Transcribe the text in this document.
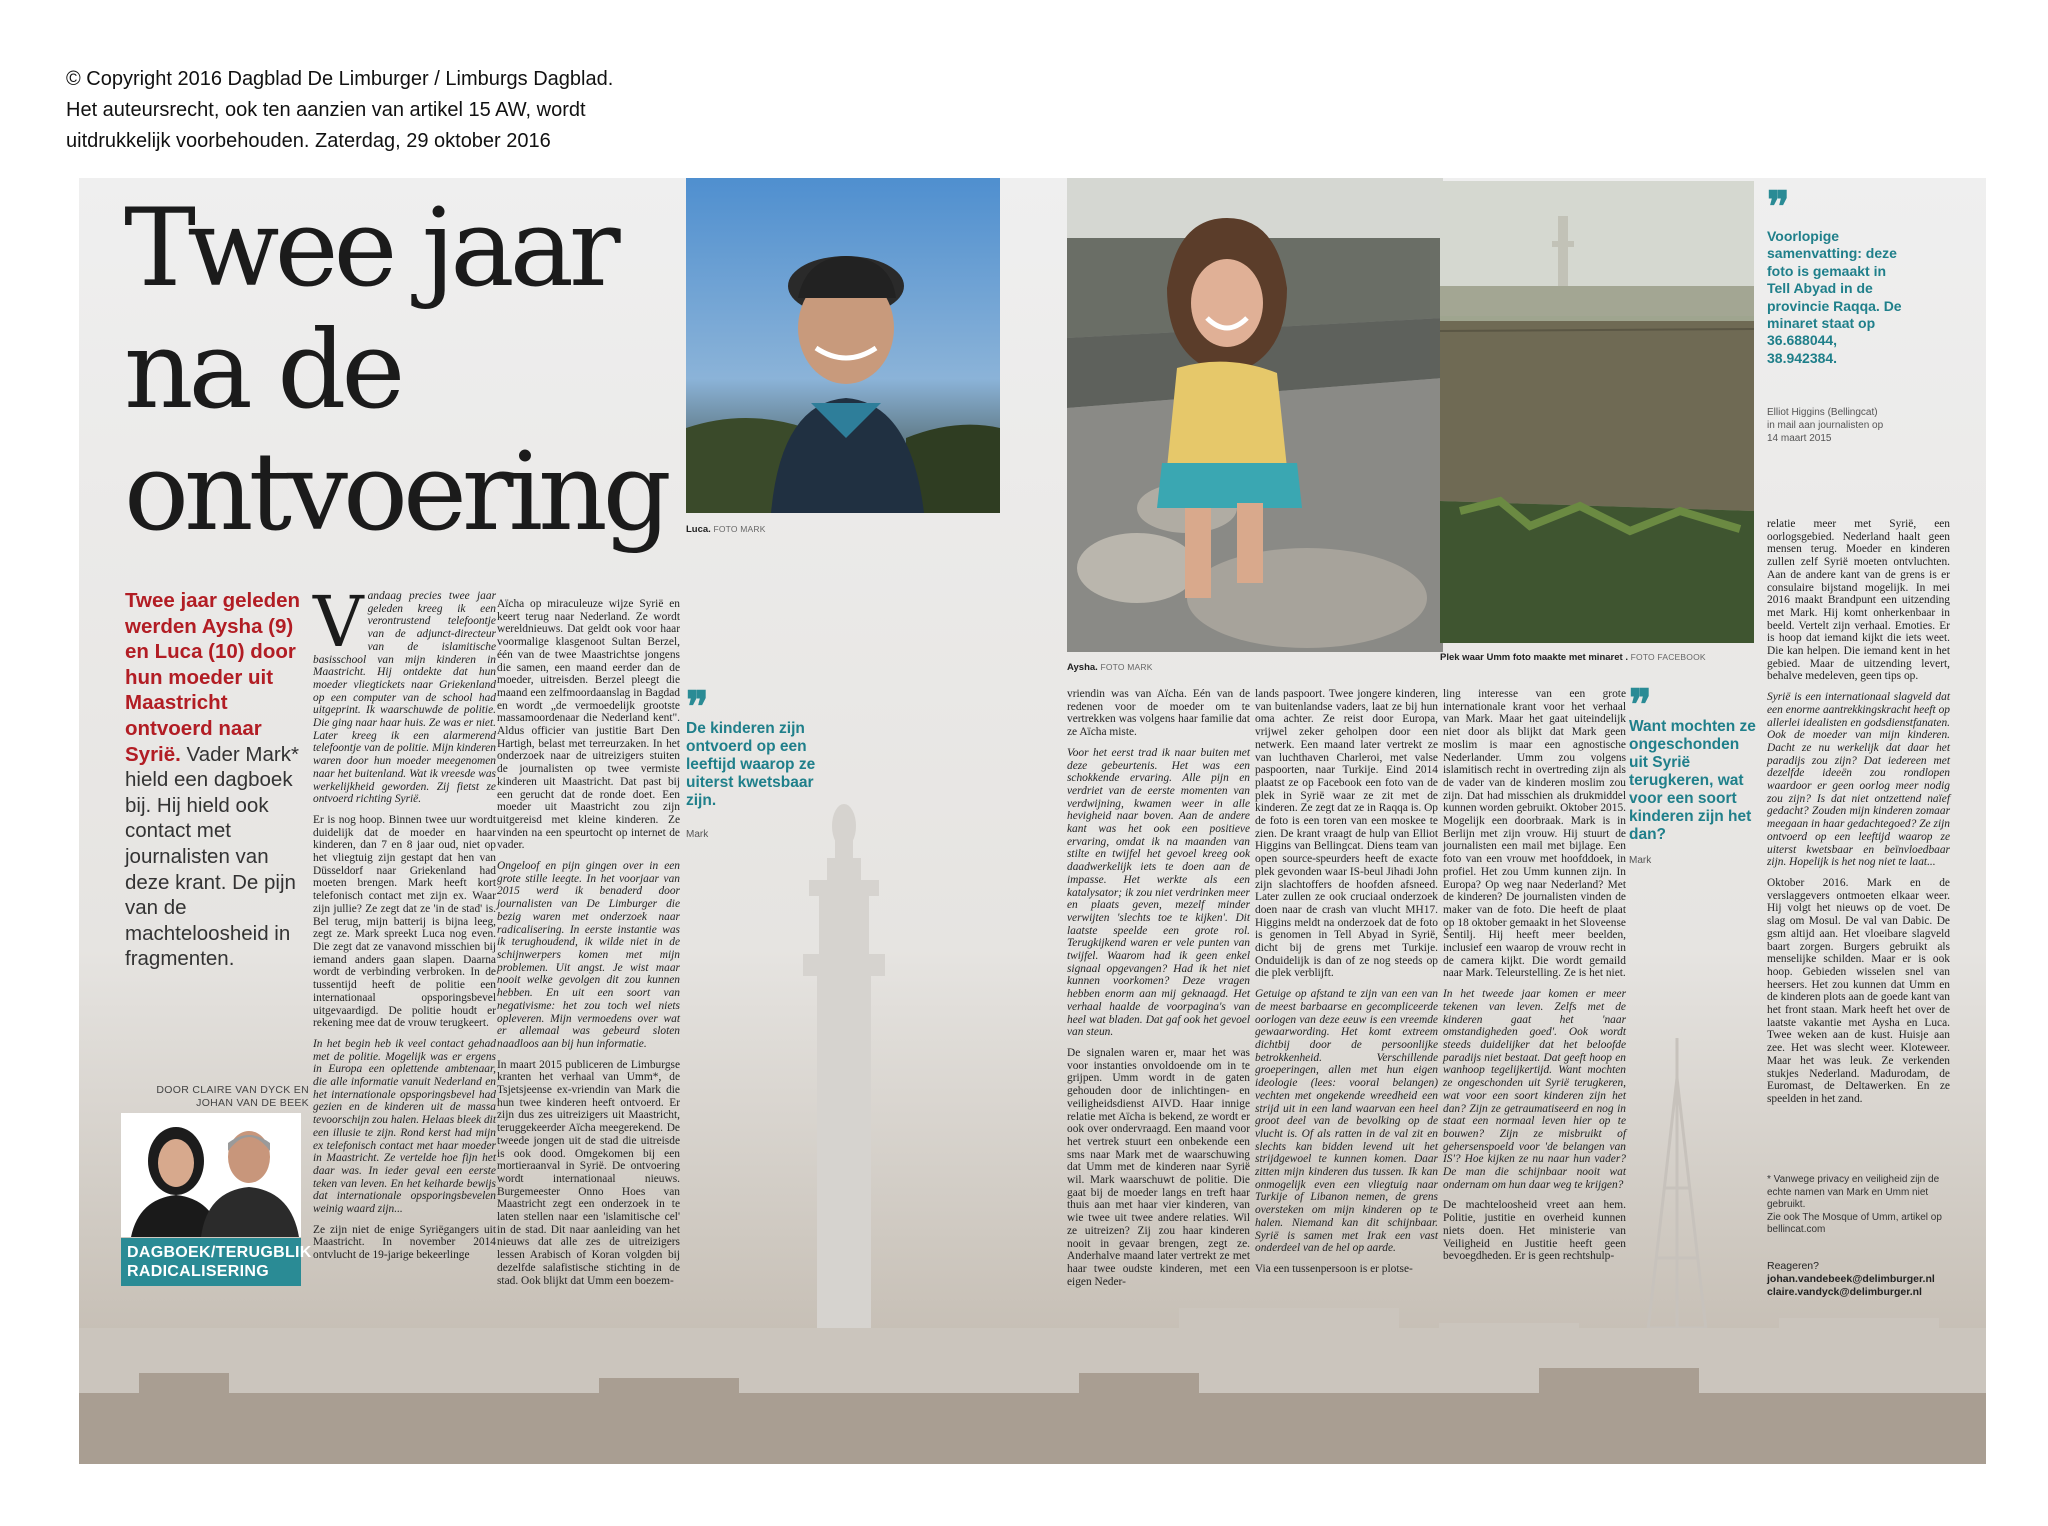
© Copyright 2016 Dagblad De Limburger / Limburgs Dagblad.
Het auteursrecht, ook ten aanzien van artikel 15 AW, wordt
uitdrukkelijk voorbehouden. Zaterdag, 29 oktober 2016
Twee jaar
na de
ontvoering
Twee jaar geleden werden Aysha (9) en Luca (10) door hun moeder uit Maastricht ontvoerd naar Syrië. Vader Mark* hield een dagboek bij. Hij hield ook contact met journalisten van deze krant. De pijn van de machteloosheid in fragmenten.
DOOR CLAIRE VAN DYCK EN
JOHAN VAN DE BEEK
DAGBOEK/TERUGBLIK
RADICALISERING

Vandaag precies twee jaar geleden kreeg ik een verontrustend telefoontje van de adjunct-directeur van de islamitische basisschool van mijn kinderen in Maastricht. Hij ontdekte dat hun moeder vliegtickets naar Griekenland op een computer van de school had uitgeprint. Ik waarschuwde de politie. Die ging naar haar huis. Ze was er niet. Later kreeg ik een alarmerend telefoontje van de politie. Mijn kinderen waren door hun moeder meegenomen naar het buitenland. Wat ik vreesde was werkelijkheid geworden. Zij fietst ze ontvoerd richting Syrië.

Er is nog hoop. Binnen twee uur wordt duidelijk dat de moeder en haar kinderen, dan 7 en 8 jaar oud, niet op het vliegtuig zijn gestapt dat hen van Düsseldorf naar Griekenland had moeten brengen. Mark heeft kort telefonisch contact met zijn ex. Waar zijn jullie? Ze zegt dat ze 'in de stad' is. Bel terug, mijn batterij is bijna leeg, zegt ze. Mark spreekt Luca nog even. Die zegt dat ze vanavond misschien bij iemand anders gaan slapen. Daarna wordt de verbinding verbroken. In de tussentijd heeft de politie een internationaal opsporingsbevel uitgevaardigd. De politie houdt er rekening mee dat de vrouw terugkeert.

In het begin heb ik veel contact gehad met de politie. Mogelijk was er ergens in Europa een oplettende ambtenaar, die alle informatie vanuit Nederland en het internationale opsporingsbevel had gezien en de kinderen uit de massa tevoorschijn zou halen. Helaas bleek dit een illusie te zijn. Rond kerst had mijn ex telefonisch contact met haar moeder in Maastricht. Ze vertelde hoe fijn het daar was. In ieder geval een eerste teken van leven. En het keiharde bewijs dat internationale opsporingsbevelen weinig waard zijn...

Ze zijn niet de enige Syriëgangers uit Maastricht. In november 2014 ontvlucht de 19-jarige bekeerlinge

Aïcha op miraculeuze wijze Syrië en keert terug naar Nederland. Ze wordt wereldnieuws. Dat geldt ook voor haar voormalige klasgenoot Sultan Berzel, één van de twee Maastrichtse jongens die samen, een maand eerder dan de moeder, uitreisden. Berzel pleegt die maand een zelfmoordaanslag in Bagdad en wordt „de vermoedelijk grootste massamoordenaar die Nederland kent". Aldus officier van justitie Bart Den Hartigh, belast met terreurzaken. In het onderzoek naar de uitreizigers stuiten de journalisten op twee vermiste kinderen uit Maastricht. Dat past bij een gerucht dat de ronde doet. Een moeder uit Maastricht zou zijn uitgereisd met kleine kinderen. Ze vinden na een speurtocht op internet de vader.

Ongeloof en pijn gingen over in een grote stille leegte. In het voorjaar van 2015 werd ik benaderd door journalisten van De Limburger die bezig waren met onderzoek naar radicalisering. In eerste instantie was ik terughoudend, ik wilde niet in de schijnwerpers komen met mijn problemen. Uit angst. Je wist maar nooit welke gevolgen dit zou kunnen hebben. En uit een soort van negativisme: het zou toch wel niets opleveren. Mijn vermoedens over wat er allemaal was gebeurd sloten naadloos aan bij hun informatie.

In maart 2015 publiceren de Limburgse kranten het verhaal van Umm*, de Tsjetsjeense ex-vriendin van Mark die hun twee kinderen heeft ontvoerd. Er zijn dus zes uitreizigers uit Maastricht, teruggekeerder Aïcha meegerekend. De tweede jongen uit de stad die uitreisde is ook dood. Omgekomen bij een mortieraanval in Syrië. De ontvoering wordt internationaal nieuws. Burgemeester Onno Hoes van Maastricht zegt een onderzoek in te laten stellen naar een 'islamitische cel' in de stad. Dit naar aanleiding van het nieuws dat alle zes de uitreizigers lessen Arabisch of Koran volgden bij dezelfde salafistische stichting in de stad. Ook blijkt dat Umm een boezem-

Luca. FOTO MARK
❞
De kinderen zijn ontvoerd op een leeftijd waarop ze uiterst kwetsbaar zijn.
Mark
Aysha. FOTO MARK
Plek waar Umm foto maakte met minaret . FOTO FACEBOOK

vriendin was van Aïcha. Eén van de redenen voor de moeder om te vertrekken was volgens haar familie dat ze Aïcha miste.

Voor het eerst trad ik naar buiten met deze gebeurtenis. Het was een schokkende ervaring. Alle pijn en verdriet van de eerste momenten van verdwijning, kwamen weer in alle hevigheid naar boven. Aan de andere kant was het ook een positieve ervaring, omdat ik na maanden van stilte en twijfel het gevoel kreeg ook daadwerkelijk iets te doen aan de impasse. Het werkte als een katalysator; ik zou niet verdrinken meer en plaats geven, mezelf minder verwijten 'slechts toe te kijken'. Dit laatste speelde een grote rol. Terugkijkend waren er vele punten van twijfel. Waarom had ik geen enkel signaal opgevangen? Had ik het niet kunnen voorkomen? Deze vragen hebben enorm aan mij geknaagd. Het verhaal haalde de voorpagina's van heel wat bladen. Dat gaf ook het gevoel van steun.

De signalen waren er, maar het was voor instanties onvoldoende om in te grijpen. Umm wordt in de gaten gehouden door de inlichtingen- en veiligheidsdienst AIVD. Haar innige relatie met Aïcha is bekend, ze wordt er ook over ondervraagd. Een maand voor het vertrek stuurt een onbekende een sms naar Mark met de waarschuwing dat Umm met de kinderen naar Syrië wil. Mark waarschuwt de politie. Die gaat bij de moeder langs en treft haar thuis aan met haar vier kinderen, van wie twee uit twee andere relaties. Wil ze uitreizen? Zij zou haar kinderen nooit in gevaar brengen, zegt ze. Anderhalve maand later vertrekt ze met haar twee oudste kinderen, met een eigen Neder-

lands paspoort. Twee jongere kinderen, van buitenlandse vaders, laat ze bij hun oma achter. Ze reist door Europa, vrijwel zeker geholpen door een netwerk. Een maand later vertrekt ze van luchthaven Charleroi, met valse paspoorten, naar Turkije. Eind 2014 plaatst ze op Facebook een foto van de plek in Syrië waar ze zit met de kinderen. Ze zegt dat ze in Raqqa is. Op de foto is een toren van een moskee te zien. De krant vraagt de hulp van Elliot Higgins van Bellingcat. Diens team van open source-speurders heeft de exacte plek gevonden waar IS-beul Jihadi John zijn slachtoffers de hoofden afsneed. Later zullen ze ook cruciaal onderzoek doen naar de crash van vlucht MH17. Higgins meldt na onderzoek dat de foto is genomen in Tell Abyad in Syrië, dicht bij de grens met Turkije. Onduidelijk is dan of ze nog steeds op die plek verblijft.

Getuige op afstand te zijn van een van de meest barbaarse en gecompliceerde oorlogen van deze eeuw is een vreemde gewaarwording. Het komt extreem dichtbij door de persoonlijke betrokkenheid. Verschillende groeperingen, allen met hun eigen ideologie (lees: vooral belangen) vechten met ongekende wreedheid een strijd uit in een land waarvan een heel groot deel van de bevolking op de vlucht is. Of als ratten in de val zit en slechts kan bidden levend uit het strijdgewoel te kunnen komen. Daar zitten mijn kinderen dus tussen. Ik kan onmogelijk even een vliegtuig naar Turkije of Libanon nemen, de grens oversteken om mijn kinderen op te halen. Niemand kan dit schijnbaar. Syrië is samen met Irak een vast onderdeel van de hel op aarde.

Via een tussenpersoon is er plotse-

ling interesse van een grote internationale krant voor het verhaal van Mark. Maar het gaat uiteindelijk niet door als blijkt dat Mark geen moslim is maar een agnostische Nederlander. Umm zou volgens islamitisch recht in overtreding zijn als de vader van de kinderen moslim zou zijn. Dat had misschien als drukmiddel kunnen worden gebruikt. Oktober 2015. Mogelijk een doorbraak. Mark is in Berlijn met zijn vrouw. Hij stuurt de journalisten een mail met bijlage. Een foto van een vrouw met hoofddoek, in profiel. Het zou Umm kunnen zijn. In Europa? Op weg naar Nederland? Met de kinderen? De journalisten vinden de maker van de foto. Die heeft de plaat op 18 oktober gemaakt in het Sloveense Šentilj. Hij heeft meer beelden, inclusief een waarop de vrouw recht in de camera kijkt. Die wordt gemaild naar Mark. Teleurstelling. Ze is het niet.

In het tweede jaar komen er meer tekenen van leven. Zelfs met de kinderen gaat het 'naar omstandigheden goed'. Ook wordt steeds duidelijker dat het beloofde paradijs niet bestaat. Dat geeft hoop en wanhoop tegelijkertijd. Want mochten ze ongeschonden uit Syrië terugkeren, wat voor een soort kinderen zijn het dan? Zijn ze getraumatiseerd en nog in staat een normaal leven hier op te bouwen? Zijn ze misbruikt of gehersenspoeld voor 'de belangen van IS'? Hoe kijken ze nu naar hun vader? De man die schijnbaar nooit wat ondernam om hun daar weg te krijgen?

De machteloosheid vreet aan hem. Politie, justitie en overheid kunnen niets doen. Het ministerie van Veiligheid en Justitie heeft geen bevoegdheden. Er is geen rechtshulp-

❞
Want mochten ze ongeschonden uit Syrië terugkeren, wat voor een soort kinderen zijn het dan?
Mark
❞
Voorlopige samenvatting: deze foto is gemaakt in Tell Abyad in de provincie Raqqa. De minaret staat op 36.688044, 38.942384.
Elliot Higgins (Bellingcat)
in mail aan journalisten op
14 maart 2015

relatie meer met Syrië, een oorlogsgebied. Nederland haalt geen mensen terug. Moeder en kinderen zullen zelf Syrië moeten ontvluchten. Aan de andere kant van de grens is er consulaire bijstand mogelijk. In mei 2016 maakt Brandpunt een uitzending met Mark. Hij komt onherkenbaar in beeld. Vertelt zijn verhaal. Emoties. Er is hoop dat iemand kijkt die iets weet. Die kan helpen. Die iemand kent in het gebied. Maar de uitzending levert, behalve medeleven, geen tips op.

Syrië is een internationaal slagveld dat een enorme aantrekkingskracht heeft op allerlei idealisten en godsdienstfanaten. Ook de moeder van mijn kinderen. Dacht ze nu werkelijk dat daar het paradijs zou zijn? Dat iedereen met dezelfde ideeën zou rondlopen waardoor er geen oorlog meer nodig zou zijn? Is dat niet ontzettend naïef gedacht? Zouden mijn kinderen zomaar meegaan in haar gedachtegoed? Ze zijn ontvoerd op een leeftijd waarop ze uiterst kwetsbaar en beïnvloedbaar zijn. Hopelijk is het nog niet te laat...

Oktober 2016. Mark en de verslaggevers ontmoeten elkaar weer. Hij volgt het nieuws op de voet. De slag om Mosul. De val van Dabic. De gsm altijd aan. Het vloeibare slagveld baart zorgen. Burgers gebruikt als menselijke schilden. Maar er is ook hoop. Gebieden wisselen snel van heersers. Het zou kunnen dat Umm en de kinderen plots aan de goede kant van het front staan. Mark heeft het over de laatste vakantie met Aysha en Luca. Twee weken aan de kust. Huisje aan zee. Het was slecht weer. Kloteweer. Maar het was leuk. Ze verkenden stukjes Nederland. Madurodam, de Euromast, de Deltawerken. En ze speelden in het zand.

* Vanwege privacy en veiligheid zijn de echte namen van Mark en Umm niet gebruikt.
Zie ook The Mosque of Umm, artikel op bellincat.com
Reageren?
johan.vandebeek@delimburger.nl
claire.vandyck@delimburger.nl
